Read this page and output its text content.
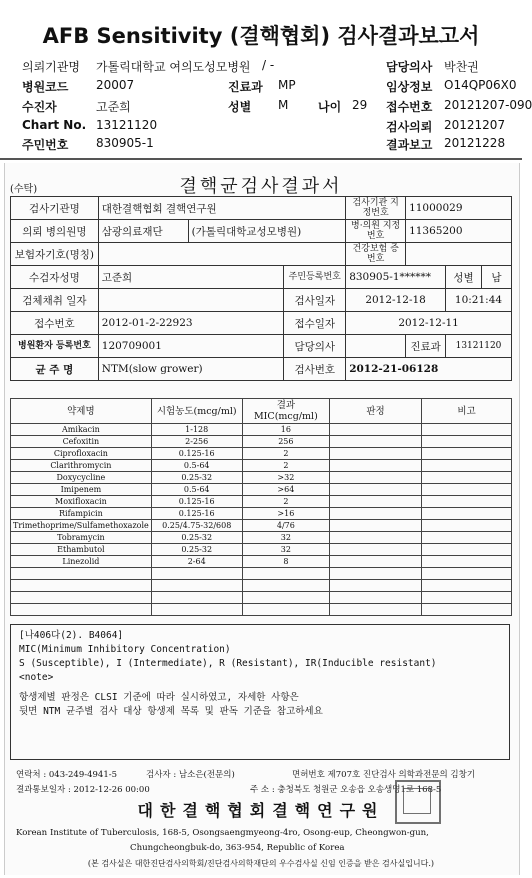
AFB Sensitivity (결핵협회) 검사결과보고서
의뢰기관명 가톨릭대학교 여의도성모병원 / -	담당의사 박찬권
병원코드 20007	진료과 MP	임상정보 O14QP06X0
수진자	고준희	성별 M 나이 29 접수번호 20121207-090
Chart No. 13121120	검사의뢰 20121207
주민번호 830905-1	결과보고 20121228
결핵균검사결과서
(수탁)
검사기관명	대한결핵협회 결핵연구원			검사기관 지정번호	11000029		
의뢰 병의원명	삼광의료재단	(가톨릭대학교성모병원)		병·의원 지정번호	11365200		
보험자기호(명칭)				건강보험 증번호			
수검자성명	고준희		주민등록번호	830905-1******		성별	남
검체채취 일자			검사일자	2012-12-18		10:21:44	
접수번호	2012-01-2-22923		접수일자	2012-12-11			
병원환자 등록번호	120709001		담당의사		진료과	13121120	
균 주 명	NTM(slow grower)		검사번호	2012-21-06128			
약제명	시험농도(mcg/ml)	결과 MIC(mcg/ml)	판정	비고
Amikacin	1-128	16		
Cefoxitin	2-256	256		
Ciprofloxacin	0.125-16	2		
Clarithromycin	0.5-64	2		
Doxycycline	0.25-32	>32		
Imipenem	0.5-64	>64		
Moxifloxacin	0.125-16	2		
Rifampicin	0.125-16	>16		
Trimethoprime/Sulfamethoxazole	0.25/4.75-32/608	4/76		
Tobramycin	0.25-32	32		
Ethambutol	0.25-32	32		
Linezolid	2-64	8		

[나406다(2). B4064]
MIC(Minimum Inhibitory Concentration)
S (Susceptible), I (Intermediate), R (Resistant), IR(Inducible resistant)
<note>
항생제별 판정은 CLSI 기준에 따라 실시하였고, 자세한 사항은
뒷면 NTM 균주별 검사 대상 항생제 목록 및 판독 기준을 참고하세요
연락처 : 043-249-4941-5	검사자 : 남소은(전문의)	면허번호 제707호 진단검사 의학과전문의 김창기
결과통보일자 : 2012-12-26 00:00	주 소 : 충청북도 청원군 오송읍 오송생명1로 168-5
대한결핵협회결핵연구원
Korean Institute of Tuberculosis, 168-5, Osongsaengmyeong-4ro, Osong-eup, Cheongwon-gun,
Chungcheongbuk-do, 363-954, Republic of Korea
(본 검사실은 대한진단검사의학회/진단검사의학재단의 우수검사실 신임 인증을 받은 검사실입니다.)
